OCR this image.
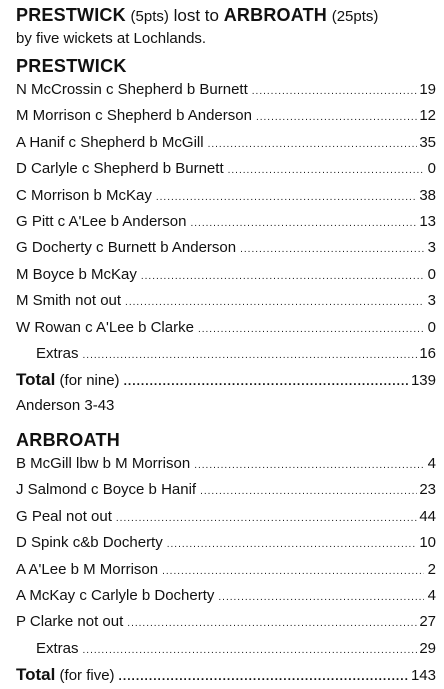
PRESTWICK (5pts) lost to ARBROATH (25pts)

by five wickets at Lochlands.

PRESTWICK
N McCrossin c Shepherd b Burnett .....	19
M Morrison c Shepherd b Anderson .....	12
A Hanif c Shepherd b McGill .....	35
D Carlyle c Shepherd b Burnett .....	0
C Morrison b McKay .....	38
G Pitt c A'Lee b Anderson .....	13
G Docherty c Burnett b Anderson .....	3
M Boyce b McKay .....	0
M Smith not out .....	3
W Rowan c A'Lee b Clarke .....	0
Extras .....	16
Total (for nine) .....	139

Anderson 3-43

ARBROATH
B McGill lbw b M Morrison .....	4
J Salmond c Boyce b Hanif .....	23
G Peal not out .....	44
D Spink c&b Docherty .....	10
A A'Lee b M Morrison .....	2
A McKay c Carlyle b Docherty .....	4
P Clarke not out .....	27
Extras .....	29
Total (for five) .....	143
